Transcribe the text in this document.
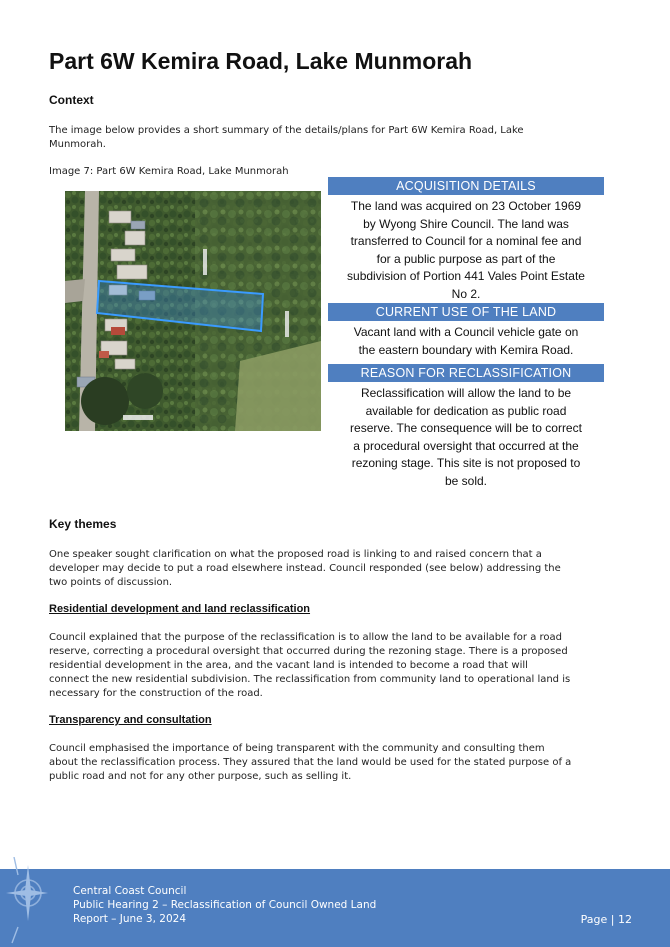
Part 6W Kemira Road, Lake Munmorah
Context
The image below provides a short summary of the details/plans for Part 6W Kemira Road, Lake
Munmorah.
Image 7: Part 6W Kemira Road, Lake Munmorah
ACQUISITION DETAILS
The land was acquired on 23 October 1969
by Wyong Shire Council. The land was
transferred to Council for a nominal fee and
for a public purpose as part of the
subdivision of Portion 441 Vales Point Estate
No 2.
CURRENT USE OF THE LAND
Vacant land with a Council vehicle gate on
the eastern boundary with Kemira Road.
REASON FOR RECLASSIFICATION
Reclassification will allow the land to be
available for dedication as public road
reserve. The consequence will be to correct
a procedural oversight that occurred at the
rezoning stage. This site is not proposed to
be sold.
Key themes
One speaker sought clarification on what the proposed road is linking to and raised concern that a
developer may decide to put a road elsewhere instead. Council responded (see below) addressing the
two points of discussion.
Residential development and land reclassification
Council explained that the purpose of the reclassification is to allow the land to be available for a road
reserve, correcting a procedural oversight that occurred during the rezoning stage. There is a proposed
residential development in the area, and the vacant land is intended to become a road that will
connect the new residential subdivision. The reclassification from community land to operational land is
necessary for the construction of the road.
Transparency and consultation
Council emphasised the importance of being transparent with the community and consulting them
about the reclassification process. They assured that the land would be used for the stated purpose of a
public road and not for any other purpose, such as selling it.
Central Coast Council
Public Hearing 2 – Reclassification of Council Owned Land
Report – June 3, 2024	Page | 12
